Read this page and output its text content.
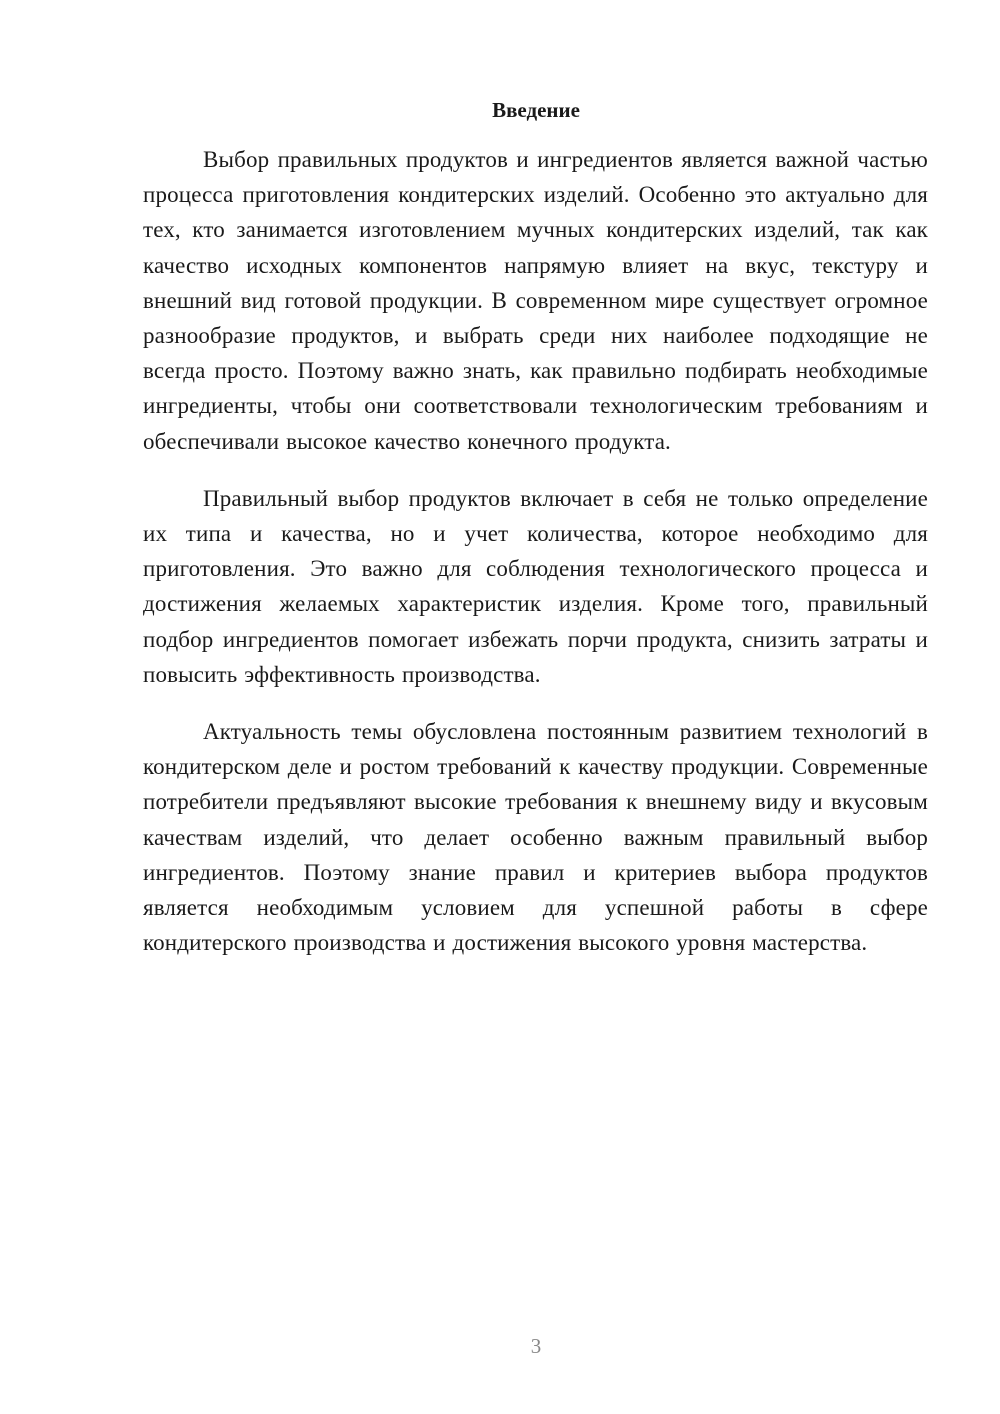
Введение

Выбор правильных продуктов и ингредиентов является важной частью процесса приготовления кондитерских изделий. Особенно это актуально для тех, кто занимается изготовлением мучных кондитерских изделий, так как качество исходных компонентов напрямую влияет на вкус, текстуру и внешний вид готовой продукции. В современном мире существует огромное разнообразие продуктов, и выбрать среди них наиболее подходящие не всегда просто. Поэтому важно знать, как правильно подбирать необходимые ингредиенты, чтобы они соответствовали технологическим требованиям и обеспечивали высокое качество конечного продукта.

Правильный выбор продуктов включает в себя не только определение их типа и качества, но и учет количества, которое необходимо для приготовления. Это важно для соблюдения технологического процесса и достижения желаемых характеристик изделия. Кроме того, правильный подбор ингредиентов помогает избежать порчи продукта, снизить затраты и повысить эффективность производства.

Актуальность темы обусловлена постоянным развитием технологий в кондитерском деле и ростом требований к качеству продукции. Современные потребители предъявляют высокие требования к внешнему виду и вкусовым качествам изделий, что делает особенно важным правильный выбор ингредиентов. Поэтому знание правил и критериев выбора продуктов является необходимым условием для успешной работы в сфере кондитерского производства и достижения высокого уровня мастерства.

3
